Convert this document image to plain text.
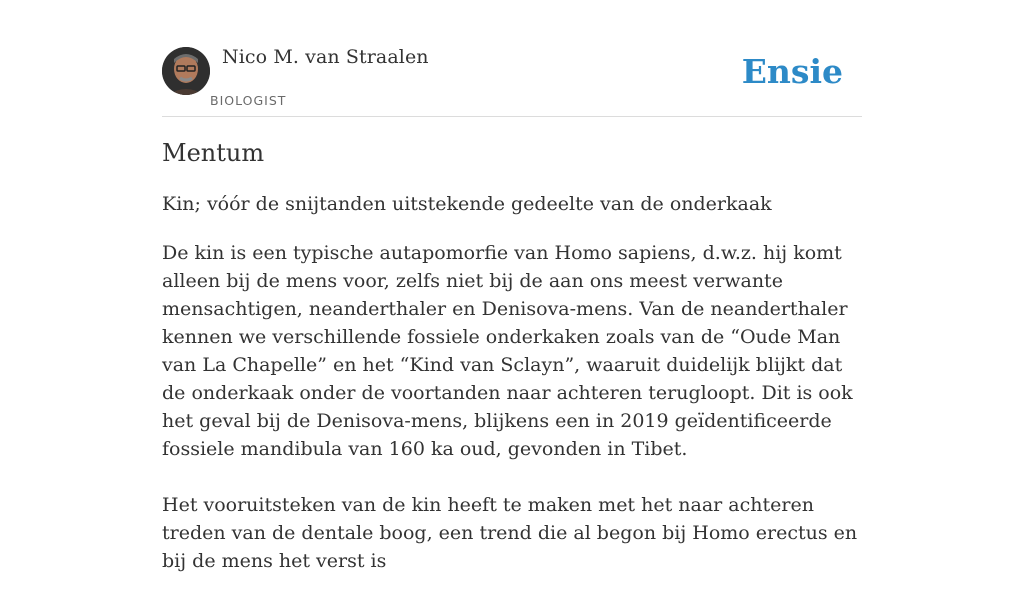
Nico M. van Straalen
BIOLOGIST
Ensie
Mentum
Kin; vóór de snijtanden uitstekende gedeelte van de onderkaak

De kin is een typische autapomorfie van Homo sapiens, d.w.z. hij komt alleen bij de mens voor, zelfs niet bij de aan ons meest verwante mensachtigen, neanderthaler en Denisova-mens. Van de neanderthaler kennen we verschillende fossiele onderkaken zoals van de “Oude Man van La Chapelle” en het “Kind van Sclayn”, waaruit duidelijk blijkt dat de onderkaak onder de voortanden naar achteren terugloopt. Dit is ook het geval bij de Denisova-mens, blijkens een in 2019 geïdentificeerde fossiele mandibula van 160 ka oud, gevonden in Tibet.

Het vooruitsteken van de kin heeft te maken met het naar achteren treden van de dentale boog, een trend die al begon bij Homo erectus en bij de mens het verst is
